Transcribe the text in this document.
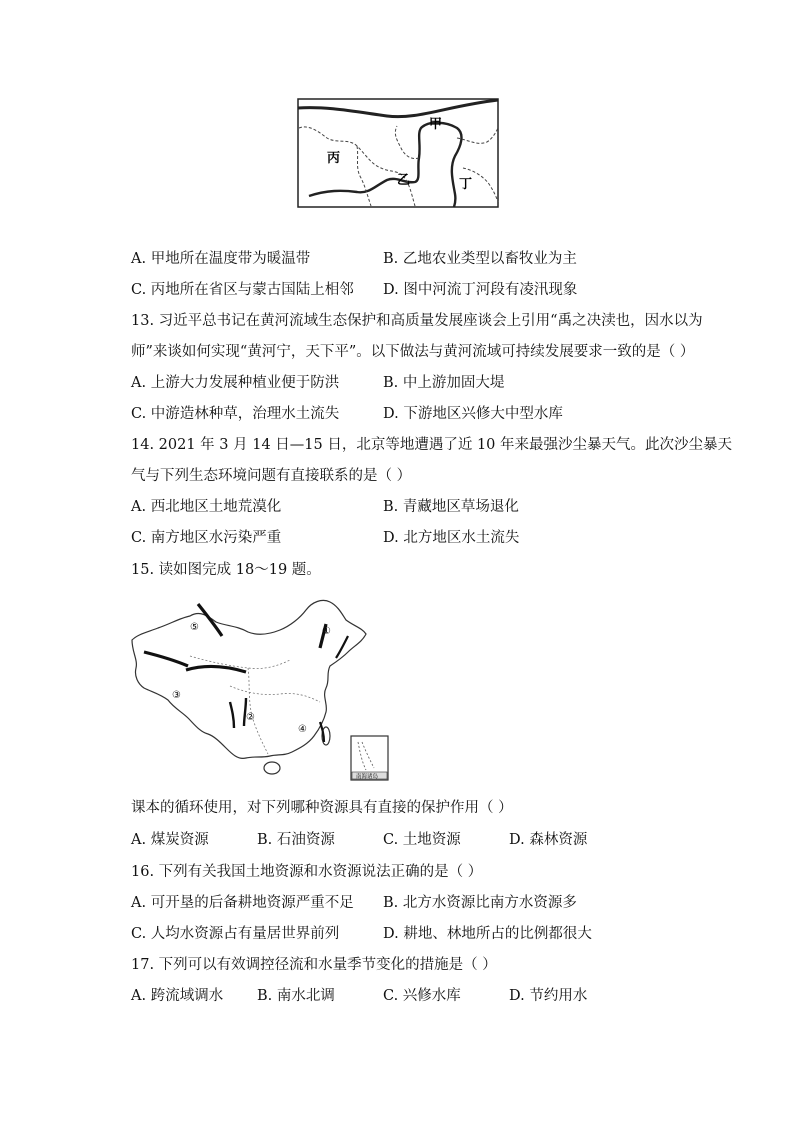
甲
丙
乙	丁
A. 甲地所在温度带为暖温带	B. 乙地农业类型以畜牧业为主
C. 丙地所在省区与蒙古国陆上相邻 D. 图中河流丁河段有凌汛现象
13. 习近平总书记在黄河流域生态保护和高质量发展座谈会上引用“禹之决渎也，因水以为
师”来谈如何实现“黄河宁，天下平”。以下做法与黄河流域可持续发展要求一致的是（ ）
A. 上游大力发展种植业便于防洪	B. 中上游加固大堤
C. 中游造林种草，治理水土流失	D. 下游地区兴修大中型水库
14. 2021 年 3 月 14 日—15 日，北京等地遭遇了近 10 年来最强沙尘暴天气。此次沙尘暴天
气与下列生态环境问题有直接联系的是（ ）
A. 西北地区土地荒漠化	B. 青藏地区草场退化
C. 南方地区水污染严重	D. 北方地区水土流失
15. 读如图完成 18～19 题。
①
②
③
④
⑤
南海诸岛
课本的循环使用，对下列哪种资源具有直接的保护作用（ ）
A. 煤炭资源	B. 石油资源	C. 土地资源	D. 森林资源
16. 下列有关我国土地资源和水资源说法正确的是（ ）
A. 可开垦的后备耕地资源严重不足 B. 北方水资源比南方水资源多
C. 人均水资源占有量居世界前列	D. 耕地、林地所占的比例都很大
17. 下列可以有效调控径流和水量季节变化的措施是（ ）
A. 跨流域调水 B. 南水北调	C. 兴修水库	D. 节约用水
